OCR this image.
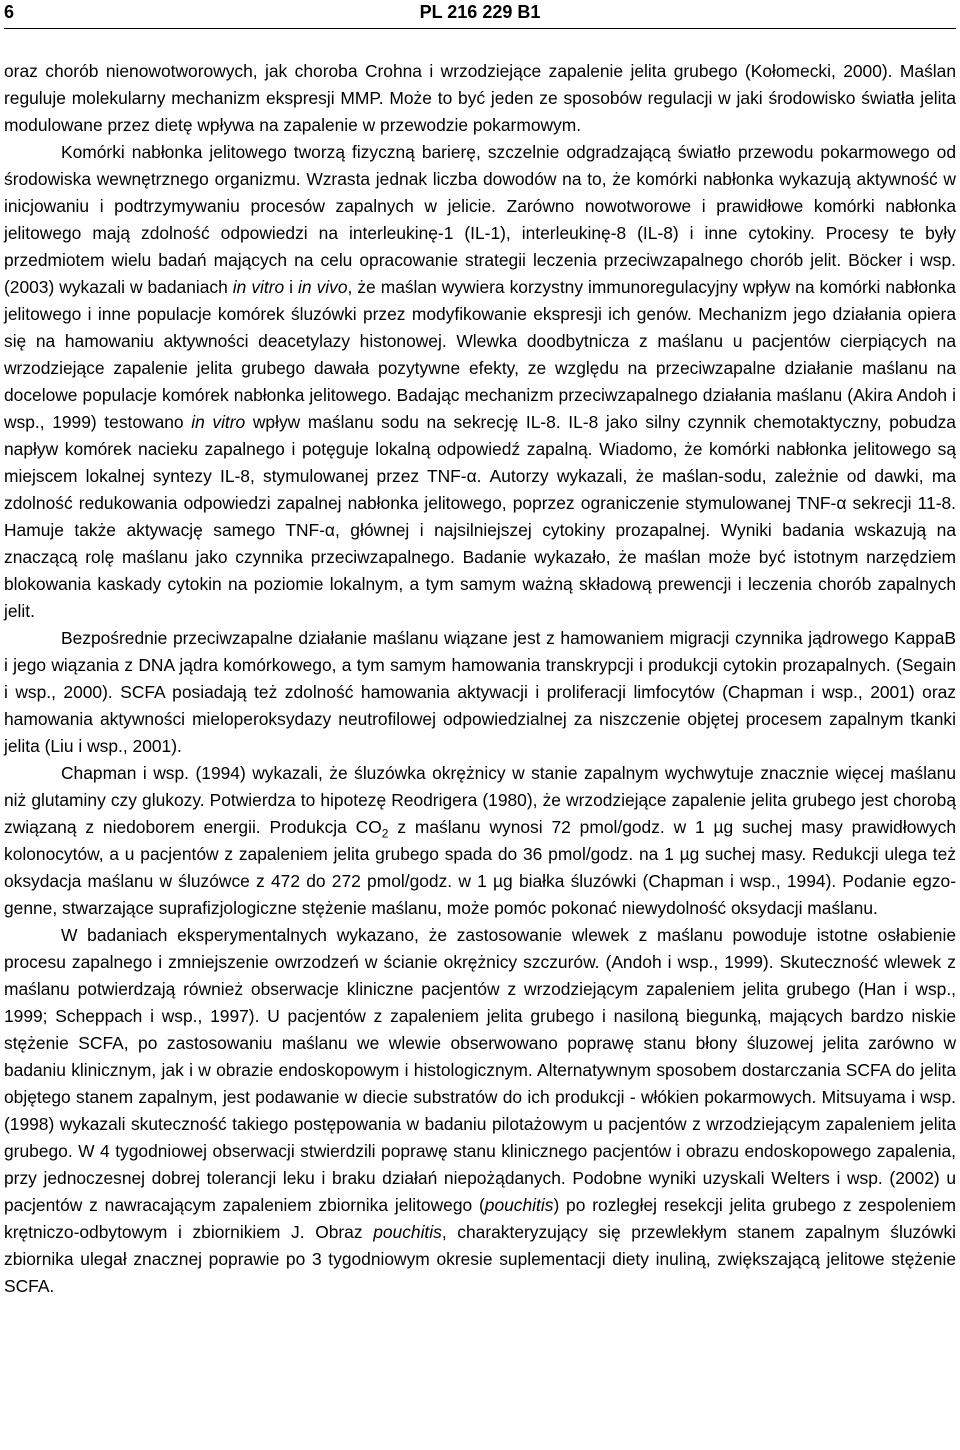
6	PL 216 229 B1

oraz chorób nienowotworowych, jak choroba Crohna i wrzodziejące zapalenie jelita grubego (Kołomecki, 2000). Maślan reguluje molekularny mechanizm ekspresji MMP. Może to być jeden ze sposobów regulacji w jaki środowisko światła jelita modulowane przez dietę wpływa na zapalenie w przewodzie pokarmowym.

Komórki nabłonka jelitowego tworzą fizyczną barierę, szczelnie odgradzającą światło przewodu pokarmowego od środowiska wewnętrznego organizmu. Wzrasta jednak liczba dowodów na to, że komórki nabłonka wykazują aktywność w inicjowaniu i podtrzymywaniu procesów zapalnych w jelicie. Zarówno nowotworowe i prawidłowe komórki nabłonka jelitowego mają zdolność odpowiedzi na interleukinę-1 (IL-1), interleukinę-8 (IL-8) i inne cytokiny. Procesy te były przedmiotem wielu badań mających na celu opracowanie strategii leczenia przeciwzapalnego chorób jelit. Böcker i wsp. (2003) wykazali w badaniach in vitro i in vivo, że maślan wywiera korzystny immunoregulacyjny wpływ na komórki nabłonka jelitowego i inne populacje komórek śluzówki przez modyfikowanie ekspresji ich genów. Mechanizm jego działania opiera się na hamowaniu aktywności deacetylazy histonowej. Wlewka doodbytnicza z maślanu u pacjentów cierpiących na wrzodziejące zapalenie jelita grubego dawała pozytywne efekty, ze względu na przeciwzapalne działanie maślanu na docelowe populacje komórek nabłonka jelitowego. Badając mechanizm przeciwzapalnego działania maślanu (Akira Andoh i wsp., 1999) testowano in vitro wpływ maślanu sodu na sekrecję IL-8. IL-8 jako silny czynnik chemotaktyczny, pobudza napływ komórek nacieku zapalnego i potęguje lokalną odpowiedź zapalną. Wiadomo, że komórki nabłonka jelitowego są miejscem lokalnej syntezy IL-8, stymulowanej przez TNF-α. Autorzy wykazali, że maślan-sodu, zależnie od dawki, ma zdolność redukowania odpowiedzi zapalnej nabłonka jelitowego, poprzez ograniczenie stymulowanej TNF-α sekrecji 11-8. Hamuje także aktywację samego TNF-α, głównej i najsilniejszej cytokiny prozapalnej. Wyniki badania wskazują na znaczącą rolę maślanu jako czynnika przeciwzapalnego. Badanie wykazało, że maślan może być istotnym narzędziem blokowania kaskady cytokin na poziomie lokalnym, a tym samym ważną składową prewencji i leczenia chorób zapalnych jelit.

Bezpośrednie przeciwzapalne działanie maślanu wiązane jest z hamowaniem migracji czynnika jądrowego KappaB i jego wiązania z DNA jądra komórkowego, a tym samym hamowania transkrypcji i produkcji cytokin prozapalnych. (Segain i wsp., 2000). SCFA posiadają też zdolność hamowania aktywacji i proliferacji limfocytów (Chapman i wsp., 2001) oraz hamowania aktywności mieloperoksydazy neutrofilowej odpowiedzialnej za niszczenie objętej procesem zapalnym tkanki jelita (Liu i wsp., 2001).

Chapman i wsp. (1994) wykazali, że śluzówka okrężnicy w stanie zapalnym wychwytuje znacznie więcej maślanu niż glutaminy czy glukozy. Potwierdza to hipotezę Reodrigera (1980), że wrzodziejące zapalenie jelita grubego jest chorobą związaną z niedoborem energii. Produkcja $CO_2$ z maślanu wynosi 72 pmol/godz. w 1 µg suchej masy prawidłowych kolonocytów, a u pacjentów z zapaleniem jelita grubego spada do 36 pmol/godz. na 1 µg suchej masy. Redukcji ulega też oksydacja maślanu w śluzówce z 472 do 272 pmol/godz. w 1 µg białka śluzówki (Chapman i wsp., 1994). Podanie egzogenne, stwarzające suprafizjologiczne stężenie maślanu, może pomóc pokonać niewydolność oksydacji maślanu.

W badaniach eksperymentalnych wykazano, że zastosowanie wlewek z maślanu powoduje istotne osłabienie procesu zapalnego i zmniejszenie owrzodzeń w ścianie okrężnicy szczurów. (Andoh i wsp., 1999). Skuteczność wlewek z maślanu potwierdzają również obserwacje kliniczne pacjentów z wrzodziejącym zapaleniem jelita grubego (Han i wsp., 1999; Scheppach i wsp., 1997). U pacjentów z zapaleniem jelita grubego i nasiloną biegunką, mających bardzo niskie stężenie SCFA, po zastosowaniu maślanu we wlewie obserwowano poprawę stanu błony śluzowej jelita zarówno w badaniu klinicznym, jak i w obrazie endoskopowym i histologicznym. Alternatywnym sposobem dostarczania SCFA do jelita objętego stanem zapalnym, jest podawanie w diecie substratów do ich produkcji - włókien pokarmowych. Mitsuyama i wsp. (1998) wykazali skuteczność takiego postępowania w badaniu pilotażowym u pacjentów z wrzodziejącym zapaleniem jelita grubego. W 4 tygodniowej obserwacji stwierdzili poprawę stanu klinicznego pacjentów i obrazu endoskopowego zapalenia, przy jednoczesnej dobrej tolerancji leku i braku działań niepożądanych. Podobne wyniki uzyskali Welters i wsp. (2002) u pacjentów z nawracającym zapaleniem zbiornika jelitowego (pouchitis) po rozległej resekcji jelita grubego z zespoleniem krętniczo-odbytowym i zbiornikiem J. Obraz pouchitis, charakteryzujący się przewlekłym stanem zapalnym śluzówki zbiornika ulegał znacznej poprawie po 3 tygodniowym okresie suplementacji diety inuliną, zwiększającą jelitowe stężenie SCFA.
